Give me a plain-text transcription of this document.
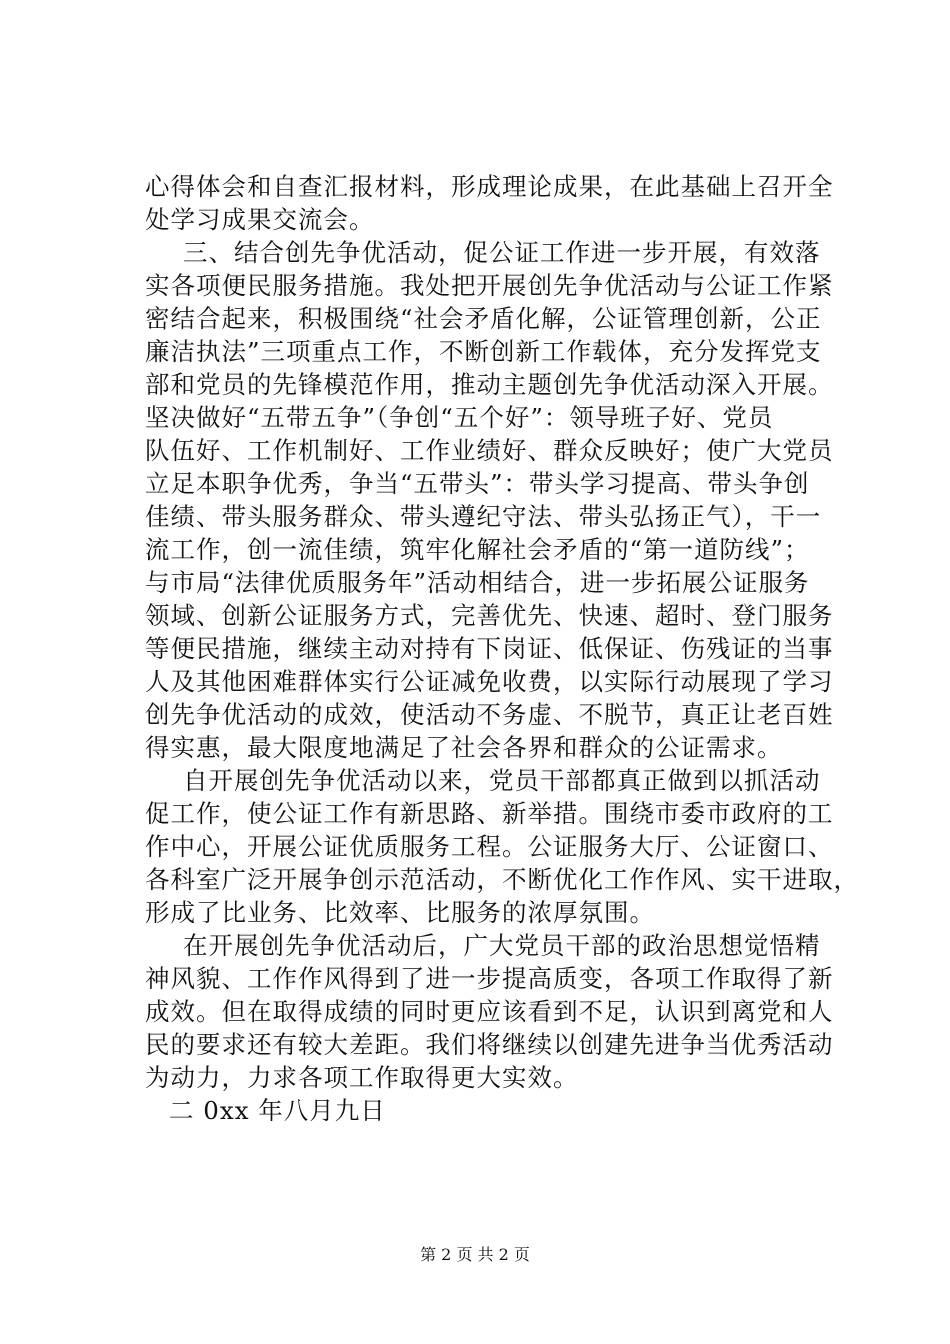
心得体会和自查汇报材料，形成理论成果，在此基础上召开全
处学习成果交流会。
三、结合创先争优活动，促公证工作进一步开展，有效落
实各项便民服务措施。我处把开展创先争优活动与公证工作紧
密结合起来，积极围绕“社会矛盾化解，公证管理创新，公正
廉洁执法”三项重点工作，不断创新工作载体，充分发挥党支
部和党员的先锋模范作用，推动主题创先争优活动深入开展。
坚决做好“五带五争”（争创“五个好”：领导班子好、党员
队伍好、工作机制好、工作业绩好、群众反映好；使广大党员
立足本职争优秀，争当“五带头”：带头学习提高、带头争创
佳绩、带头服务群众、带头遵纪守法、带头弘扬正气），干一
流工作，创一流佳绩，筑牢化解社会矛盾的“第一道防线”；
与市局“法律优质服务年”活动相结合，进一步拓展公证服务
领域、创新公证服务方式，完善优先、快速、超时、登门服务
等便民措施，继续主动对持有下岗证、低保证、伤残证的当事
人及其他困难群体实行公证减免收费，以实际行动展现了学习
创先争优活动的成效，使活动不务虚、不脱节，真正让老百姓
得实惠，最大限度地满足了社会各界和群众的公证需求。
自开展创先争优活动以来，党员干部都真正做到以抓活动
促工作，使公证工作有新思路、新举措。围绕市委市政府的工
作中心，开展公证优质服务工程。公证服务大厅、公证窗口、
各科室广泛开展争创示范活动，不断优化工作作风、实干进取，
形成了比业务、比效率、比服务的浓厚氛围。
在开展创先争优活动后，广大党员干部的政治思想觉悟精
神风貌、工作作风得到了进一步提高质变，各项工作取得了新
成效。但在取得成绩的同时更应该看到不足，认识到离党和人
民的要求还有较大差距。我们将继续以创建先进争当优秀活动
为动力，力求各项工作取得更大实效。
二 0xx 年八月九日
第 2 页 共 2 页
